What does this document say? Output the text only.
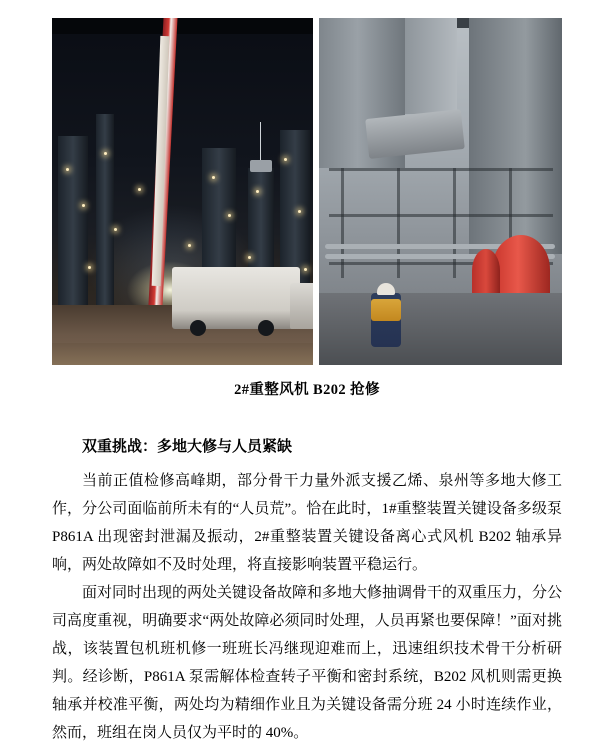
2#重整风机 B202 抢修

双重挑战：多地大修与人员紧缺

当前正值检修高峰期，部分骨干力量外派支援乙烯、泉州等多地大修工作，分公司面临前所未有的“人员荒”。恰在此时，1#重整装置关键设备多级泵 P861A 出现密封泄漏及振动，2#重整装置关键设备离心式风机 B202 轴承异响，两处故障如不及时处理，将直接影响装置平稳运行。

面对同时出现的两处关键设备故障和多地大修抽调骨干的双重压力，分公司高度重视，明确要求“两处故障必须同时处理，人员再紧也要保障！”面对挑战，该装置包机班机修一班班长冯继现迎难而上，迅速组织技术骨干分析研判。经诊断，P861A 泵需解体检查转子平衡和密封系统，B202 风机则需更换轴承并校准平衡，两处均为精细作业且为关键设备需分班 24 小时连续作业，然而，班组在岗人员仅为平时的 40%。
